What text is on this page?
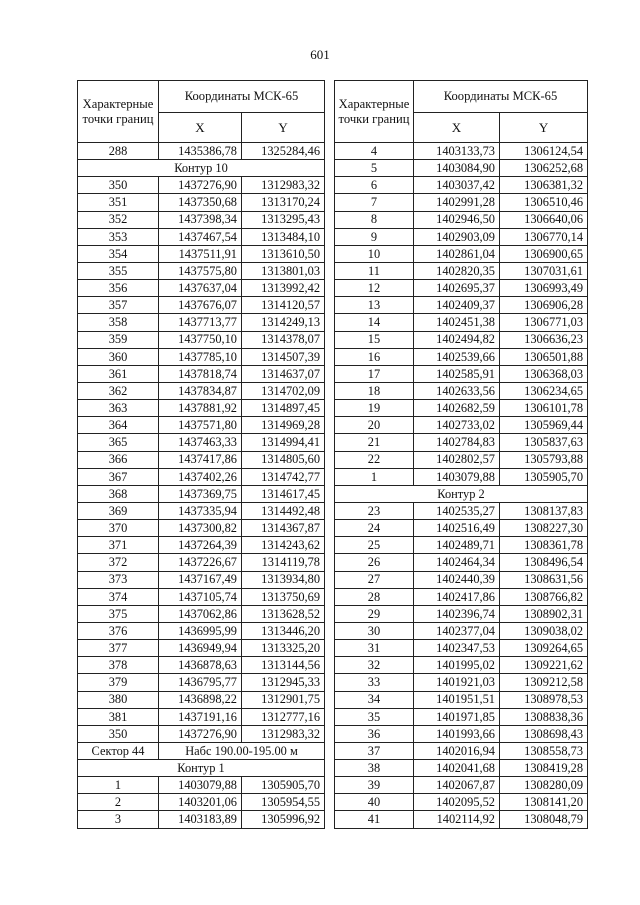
601
Характерные точки границ	Координаты МСК-65	
	X	Y
288	1435386,78	1325284,46
Контур 10		
350	1437276,90	1312983,32
351	1437350,68	1313170,24
352	1437398,34	1313295,43
353	1437467,54	1313484,10
354	1437511,91	1313610,50
355	1437575,80	1313801,03
356	1437637,04	1313992,42
357	1437676,07	1314120,57
358	1437713,77	1314249,13
359	1437750,10	1314378,07
360	1437785,10	1314507,39
361	1437818,74	1314637,07
362	1437834,87	1314702,09
363	1437881,92	1314897,45
364	1437571,80	1314969,28
365	1437463,33	1314994,41
366	1437417,86	1314805,60
367	1437402,26	1314742,77
368	1437369,75	1314617,45
369	1437335,94	1314492,48
370	1437300,82	1314367,87
371	1437264,39	1314243,62
372	1437226,67	1314119,78
373	1437167,49	1313934,80
374	1437105,74	1313750,69
375	1437062,86	1313628,52
376	1436995,99	1313446,20
377	1436949,94	1313325,20
378	1436878,63	1313144,56
379	1436795,77	1312945,33
380	1436898,22	1312901,75
381	1437191,16	1312777,16
350	1437276,90	1312983,32
Сектор 44	Набс 190.00-195.00 м	
Контур 1		
1	1403079,88	1305905,70
2	1403201,06	1305954,55
3	1403183,89	1305996,92
Характерные точки границ	Координаты МСК-65	
	X	Y
4	1403133,73	1306124,54
5	1403084,90	1306252,68
6	1403037,42	1306381,32
7	1402991,28	1306510,46
8	1402946,50	1306640,06
9	1402903,09	1306770,14
10	1402861,04	1306900,65
11	1402820,35	1307031,61
12	1402695,37	1306993,49
13	1402409,37	1306906,28
14	1402451,38	1306771,03
15	1402494,82	1306636,23
16	1402539,66	1306501,88
17	1402585,91	1306368,03
18	1402633,56	1306234,65
19	1402682,59	1306101,78
20	1402733,02	1305969,44
21	1402784,83	1305837,63
22	1402802,57	1305793,88
1	1403079,88	1305905,70
Контур 2		
23	1402535,27	1308137,83
24	1402516,49	1308227,30
25	1402489,71	1308361,78
26	1402464,34	1308496,54
27	1402440,39	1308631,56
28	1402417,86	1308766,82
29	1402396,74	1308902,31
30	1402377,04	1309038,02
31	1402347,53	1309264,65
32	1401995,02	1309221,62
33	1401921,03	1309212,58
34	1401951,51	1308978,53
35	1401971,85	1308838,36
36	1401993,66	1308698,43
37	1402016,94	1308558,73
38	1402041,68	1308419,28
39	1402067,87	1308280,09
40	1402095,52	1308141,20
41	1402114,92	1308048,79
